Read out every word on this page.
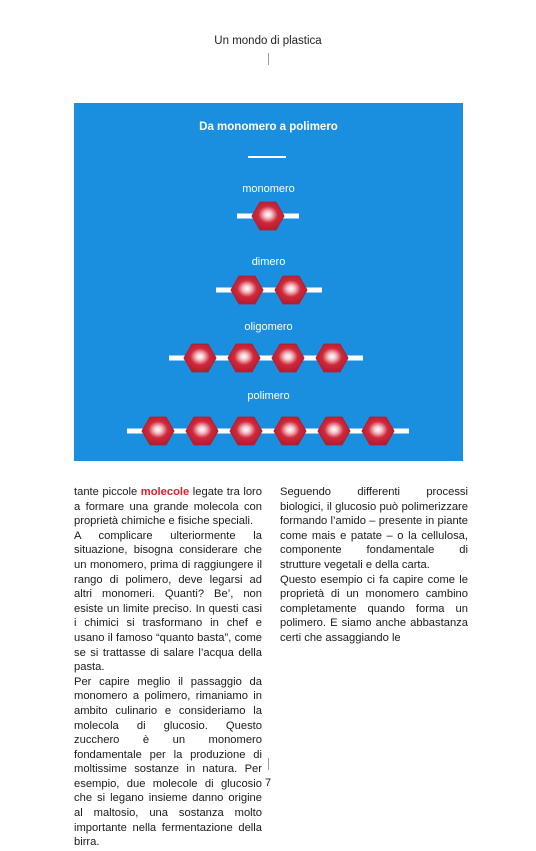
Un mondo di plastica
Da monomero a polimero
monomero
dimero
oligomero
polimero

tante piccole molecole legate tra loro a formare una grande molecola con proprietà chimiche e fisiche speciali.

A complicare ulteriormente la situazione, bisogna considerare che un monomero, prima di raggiungere il rango di polimero, deve legarsi ad altri monomeri. Quanti? Be’, non esiste un limite preciso. In questi casi i chimici si trasformano in chef e usano il famoso “quanto basta”, come se si trattasse di salare l’acqua della pasta.

Per capire meglio il passaggio da monomero a polimero, rimaniamo in ambito culinario e consideriamo la molecola di glucosio. Questo zucchero è un monomero fondamentale per la produzione di moltissime sostanze in natura. Per esempio, due molecole di glucosio che si legano insieme danno origine al maltosio, una sostanza molto importante nella fermentazione della birra.

Seguendo differenti processi biologici, il glucosio può polimerizzare formando l’amido – presente in piante come mais e patate – o la cellulosa, componente fondamentale di strutture vegetali e della carta.

Questo esempio ci fa capire come le proprietà di un monomero cambino completamente quando forma un polimero. E siamo anche abbastanza certi che assaggiando le

7
